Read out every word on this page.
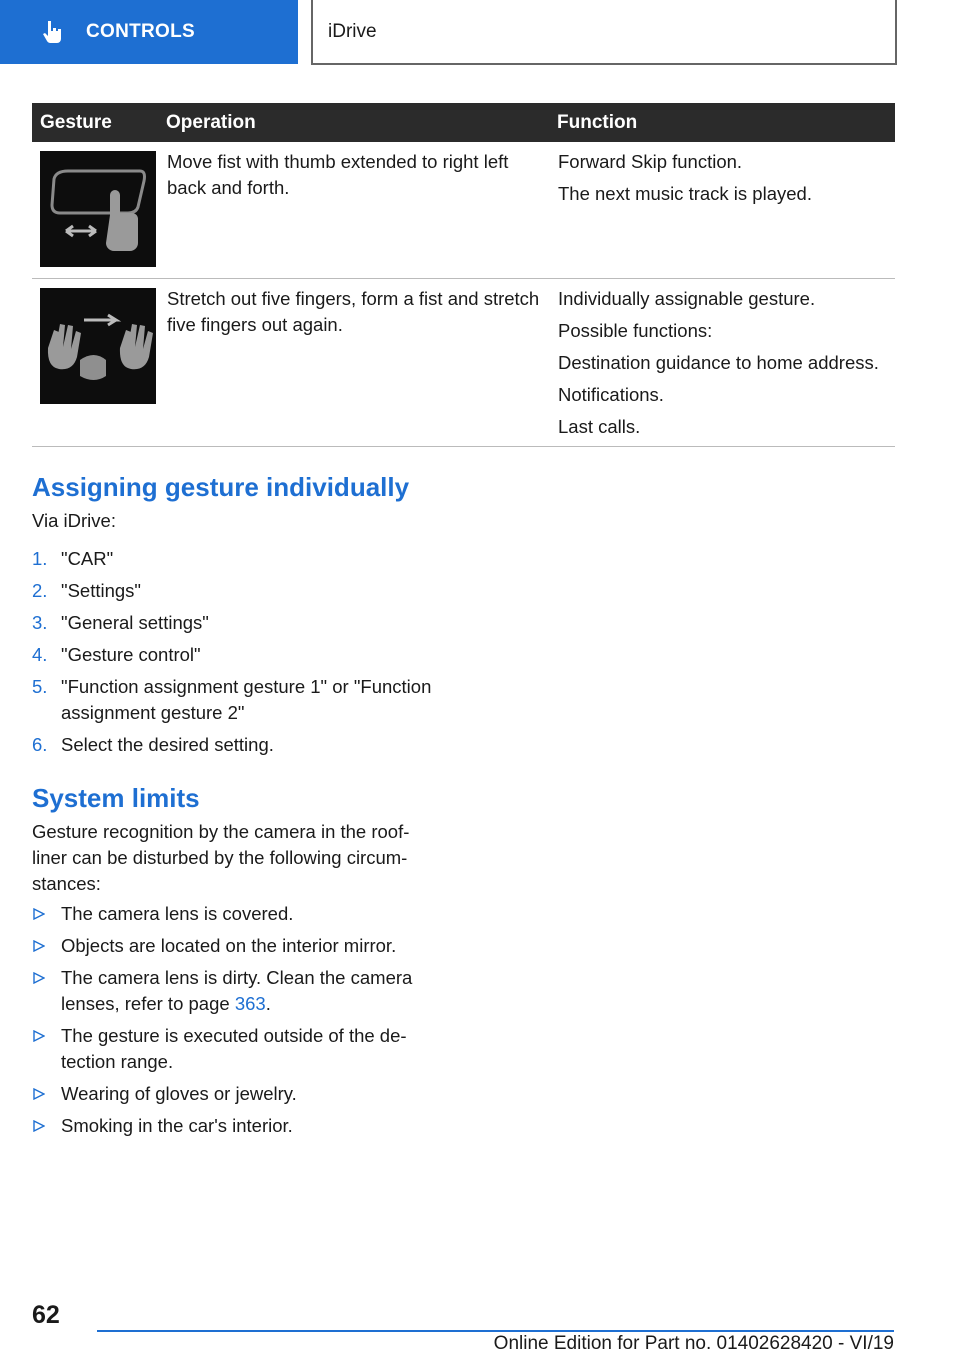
CONTROLS	iDrive
Gesture	Operation	Function

	Move fist with thumb extended to right left back and forth.	Forward Skip function.

The next music track is played.

	Stretch out five fingers, form a fist and stretch five fingers out again.	Individually assignable gesture.

Possible functions:

Destination guidance to home address.

Notifications.

Last calls.

Assigning gesture individually

Via iDrive:

1. "CAR"
2. "Settings"
3. "General settings"
4. "Gesture control"
5. "Function assignment gesture 1" or "Function assignment gesture 2"
6. Select the desired setting.
System limits

Gesture recognition by the camera in the roof-liner can be disturbed by the following circum-stances:

The camera lens is covered.
Objects are located on the interior mirror.
The camera lens is dirty. Clean the camera lenses, refer to page 363.
The gesture is executed outside of the de-tection range.
Wearing of gloves or jewelry.
Smoking in the car's interior.
62
Online Edition for Part no. 01402628420 - VI/19
